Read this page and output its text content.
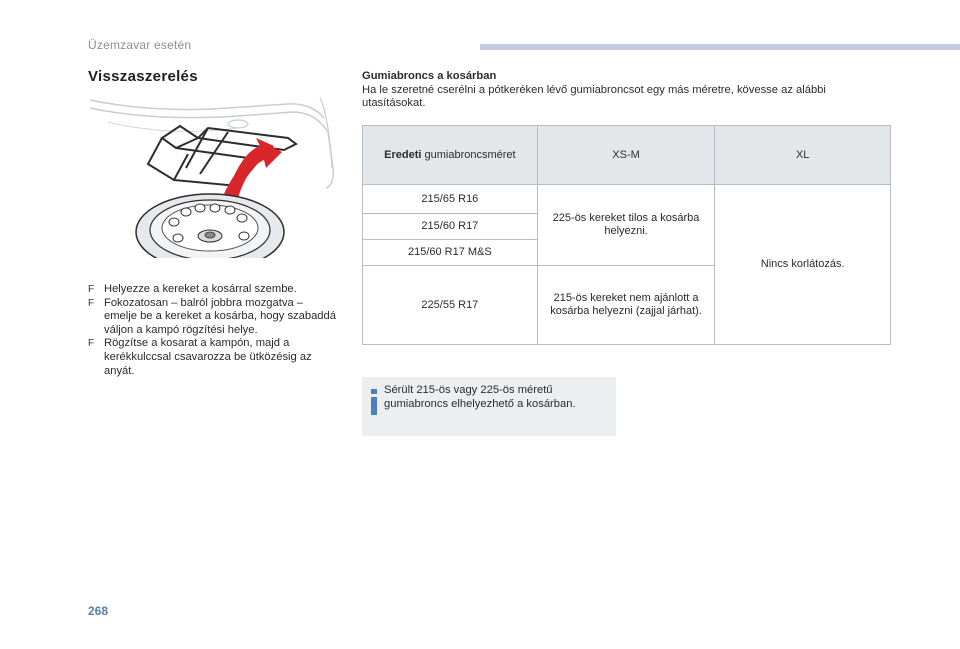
Üzemzavar esetén
Visszaszerelés
F Helyezze a kereket a kosárral szembe.
F Fokozatosan – balról jobbra mozgatva – emelje be a kereket a kosárba, hogy szabaddá váljon a kampó rögzítési helye.
F Rögzítse a kosarat a kampón, majd a kerékkulccsal csavarozza be ütközésig az anyát.
Gumiabroncs a kosárban
Ha le szeretné cserélni a pótkeréken lévő gumiabroncsot egy más méretre, kövesse az alábbi utasításokat.
Eredeti gumiabroncsméret	XS-M	XL
215/65 R16	225-ös kereket tilos a kosárba helyezni.	Nincs korlátozás.
215/60 R17		
215/60 R17 M&S		
225/55 R17	215-ös kereket nem ajánlott a kosárba helyezni (zajjal járhat).	
Sérült 215-ös vagy 225-ös méretű gumiabroncs elhelyezhető a kosárban.
268
